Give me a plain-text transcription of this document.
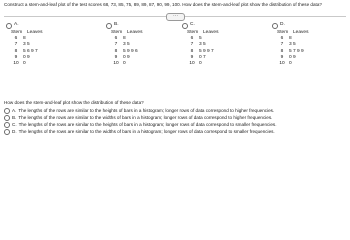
Construct a stem-and-leaf plot of the test scores 68, 73, 85, 75, 89, 89, 87, 90, 99, 100. How does the stem-and-leaf plot show the distribution of these data?
···
A.
Stem Leaves
6	8
7	3 5
8	5 6 9 7
9	0 9
10 0
B.
Stem Leaves
6	8
7	3 5
8	5 9 9 6
9	0 9
10 0
C.
Stem Leaves
6	5
7	3 5
8	5 9 9 7
9	0 7
10 0
D.
Stem Leaves
6	8
7	3 5
8	5 7 9 9
9	0 9
10 0
How does the stem-and-leaf plot show the distribution of these data?
A. The lengths of the rows are similar to the heights of bars in a histogram; longer rows of data correspond to higher frequencies.
B. The lengths of the rows are similar to the widths of bars in a histogram; longer rows of data correspond to higher frequencies.
C. The lengths of the rows are similar to the heights of bars in a histogram; longer rows of data correspond to smaller frequencies.
D. The lengths of the rows are similar to the widths of bars in a histogram; longer rows of data correspond to smaller frequencies.
